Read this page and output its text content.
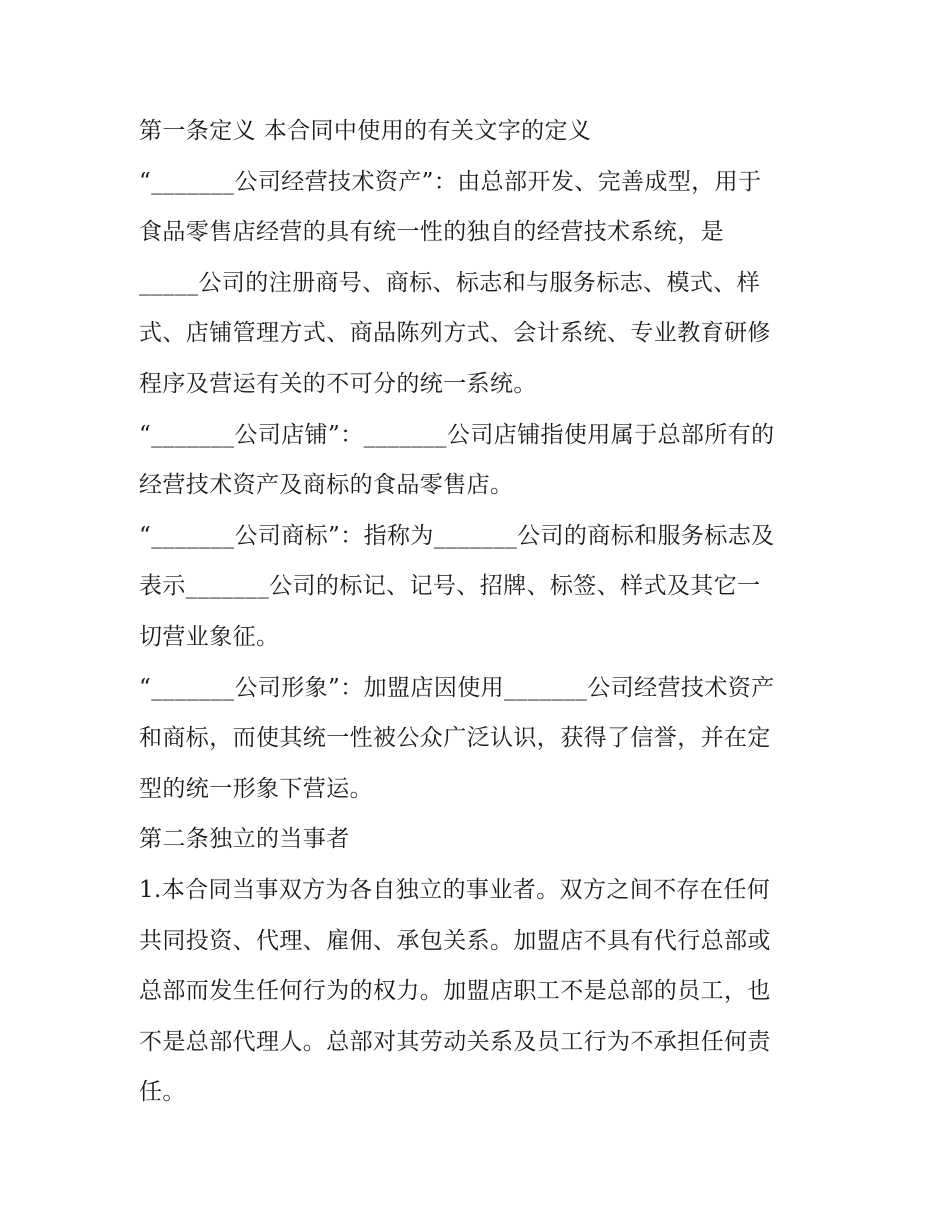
第一条定义 本合同中使用的有关文字的定义
“_______公司经营技术资产”：由总部开发、完善成型，用于
食品零售店经营的具有统一性的独自的经营技术系统，是
_____公司的注册商号、商标、标志和与服务标志、模式、样
式、店铺管理方式、商品陈列方式、会计系统、专业教育研修
程序及营运有关的不可分的统一系统。
“_______公司店铺”：_______公司店铺指使用属于总部所有的
经营技术资产及商标的食品零售店。
“_______公司商标”：指称为_______公司的商标和服务标志及
表示_______公司的标记、记号、招牌、标签、样式及其它一
切营业象征。
“_______公司形象”：加盟店因使用_______公司经营技术资产
和商标，而使其统一性被公众广泛认识，获得了信誉，并在定
型的统一形象下营运。
第二条独立的当事者
1.本合同当事双方为各自独立的事业者。双方之间不存在任何
共同投资、代理、雇佣、承包关系。加盟店不具有代行总部或
总部而发生任何行为的权力。加盟店职工不是总部的员工，也
不是总部代理人。总部对其劳动关系及员工行为不承担任何责
任。
